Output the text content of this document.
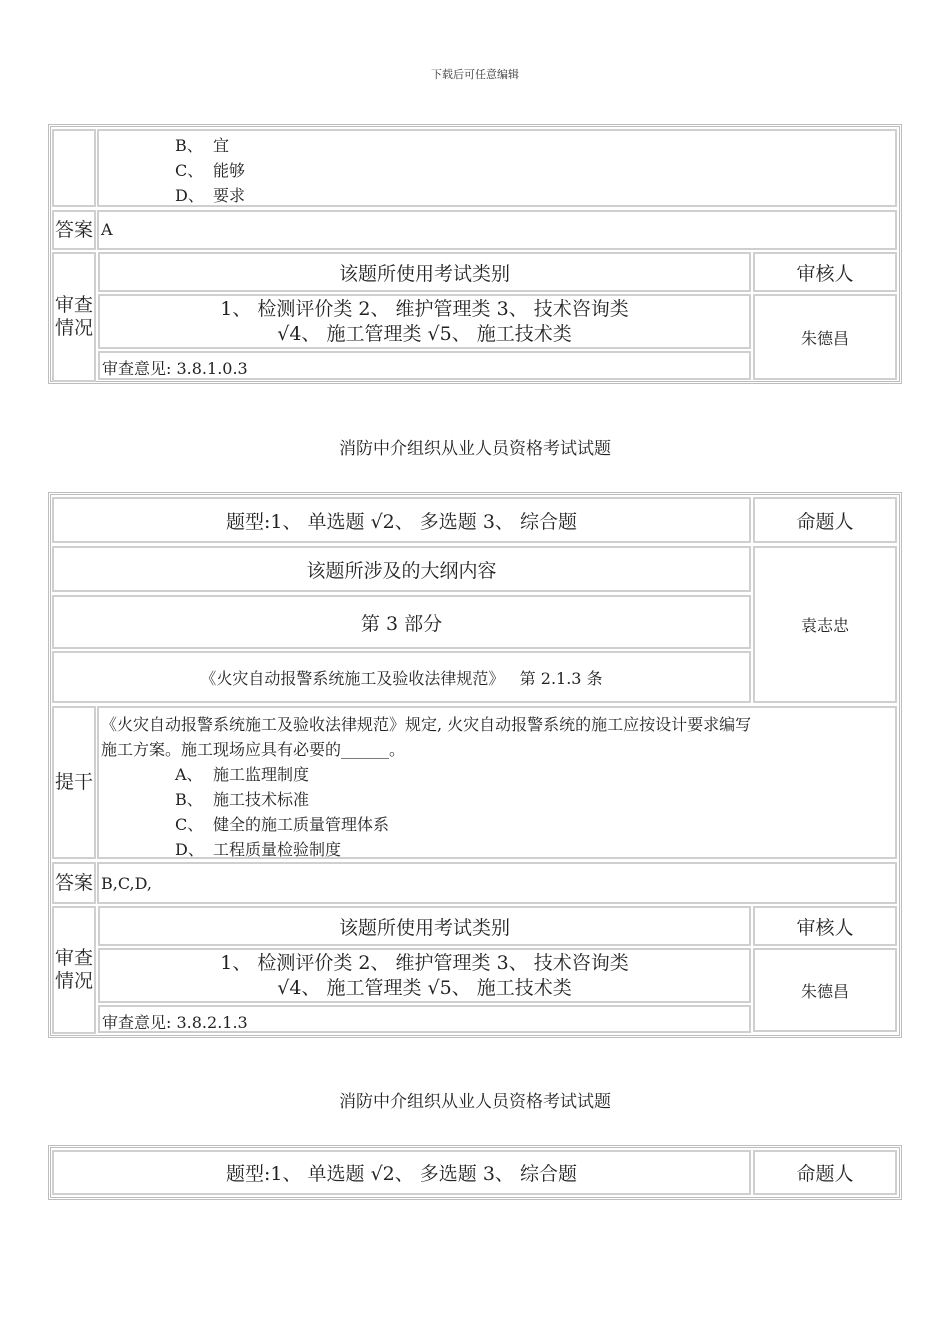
下载后可任意编辑
B、 宜
C、 能够
D、 要求
答案 A
审查
情况
该题所使用考试类别	审核人
1、 检测评价类 2、 维护管理类 3、 技术咨询类
√4、 施工管理类 √5、 施工技术类	朱德昌
审查意见: 3.8.1.0.3
消防中介组织从业人员资格考试试题
题型:1、 单选题 √2、 多选题 3、 综合题	命题人
该题所涉及的大纲内容
第 3 部分
《火灾自动报警系统施工及验收法律规范》   第 2.1.3 条
袁志忠
提干
《火灾自动报警系统施工及验收法律规范》规定, 火灾自动报警系统的施工应按设计要求编写
施工方案。施工现场应具有必要的______。
A、 施工监理制度
B、 施工技术标准
C、 健全的施工质量管理体系
D、 工程质量检验制度
答案 B,C,D,
审查
情况
该题所使用考试类别	审核人
1、 检测评价类 2、 维护管理类 3、 技术咨询类
√4、 施工管理类 √5、 施工技术类	朱德昌
审查意见: 3.8.2.1.3
消防中介组织从业人员资格考试试题
题型:1、 单选题 √2、 多选题 3、 综合题	命题人
